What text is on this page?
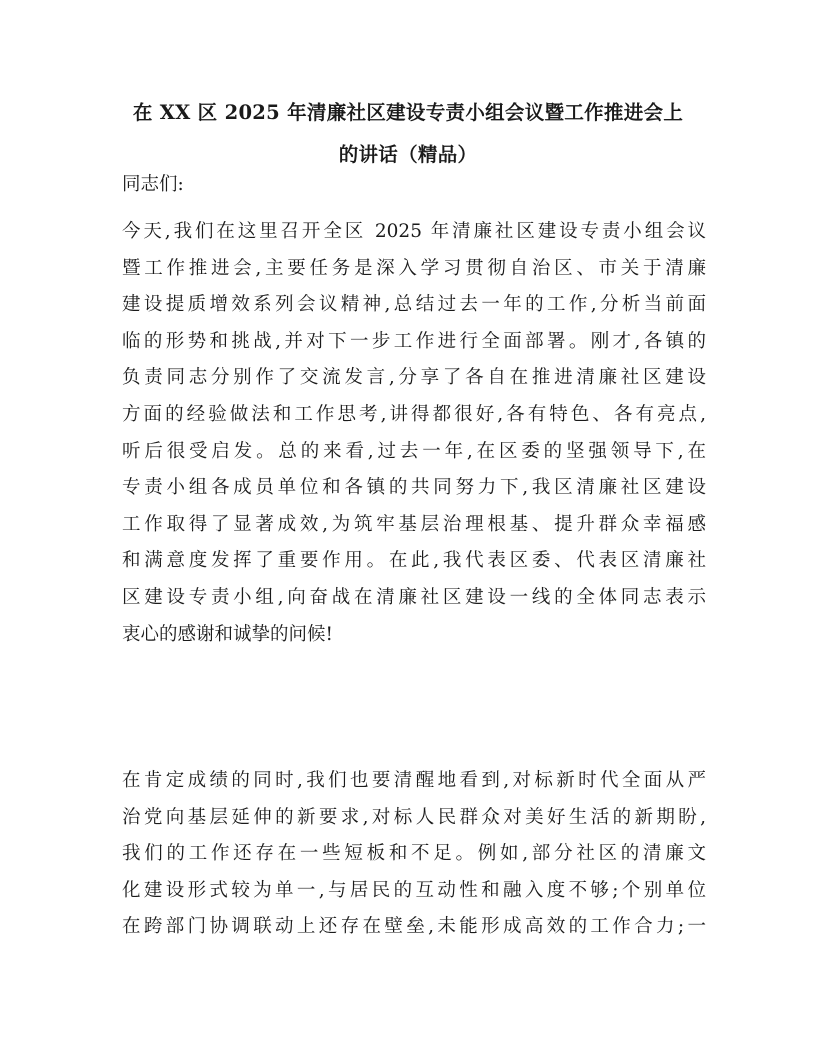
在 XX 区 2025 年清廉社区建设专责小组会议暨工作推进会上
的讲话（精品）
同志们:
今天,我们在这里召开全区 2025 年清廉社区建设专责小组会议
暨工作推进会,主要任务是深入学习贯彻自治区、市关于清廉
建设提质增效系列会议精神,总结过去一年的工作,分析当前面
临的形势和挑战,并对下一步工作进行全面部署。刚才,各镇的
负责同志分别作了交流发言,分享了各自在推进清廉社区建设
方面的经验做法和工作思考,讲得都很好,各有特色、各有亮点,
听后很受启发。总的来看,过去一年,在区委的坚强领导下,在
专责小组各成员单位和各镇的共同努力下,我区清廉社区建设
工作取得了显著成效,为筑牢基层治理根基、提升群众幸福感
和满意度发挥了重要作用。在此,我代表区委、代表区清廉社
区建设专责小组,向奋战在清廉社区建设一线的全体同志表示
衷心的感谢和诚挚的问候!
在肯定成绩的同时,我们也要清醒地看到,对标新时代全面从严
治党向基层延伸的新要求,对标人民群众对美好生活的新期盼,
我们的工作还存在一些短板和不足。例如,部分社区的清廉文
化建设形式较为单一,与居民的互动性和融入度不够;个别单位
在跨部门协调联动上还存在壁垒,未能形成高效的工作合力;一
